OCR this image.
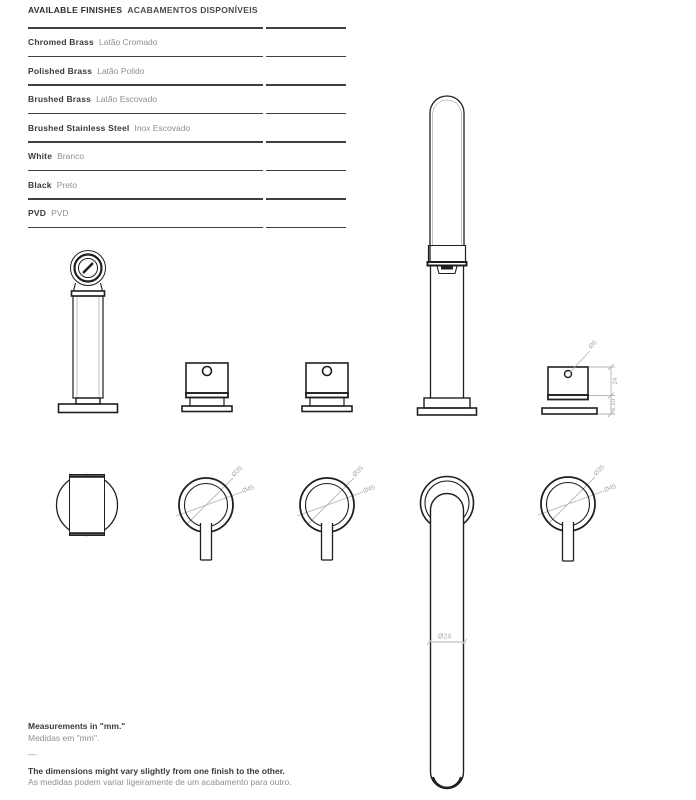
AVAILABLE FINISHES ACABAMENTOS DISPONÍVEIS
Chromed Brass Latão Cromado
Polished Brass Latão Polido
Brushed Brass Latão Escovado
Brushed Stainless Steel Inox Escovado
White Branco
Black Preto
PVD PVD
Ø6
24
5,10
Ø35
Ø45
Ø35
Ø45
Ø24
Ø35
Ø45
Measurements in "mm."
Medidas em "mm".
—
The dimensions might vary slightly from one finish to the other.
As medidas podem variar ligeiramente de um acabamento para outro.
